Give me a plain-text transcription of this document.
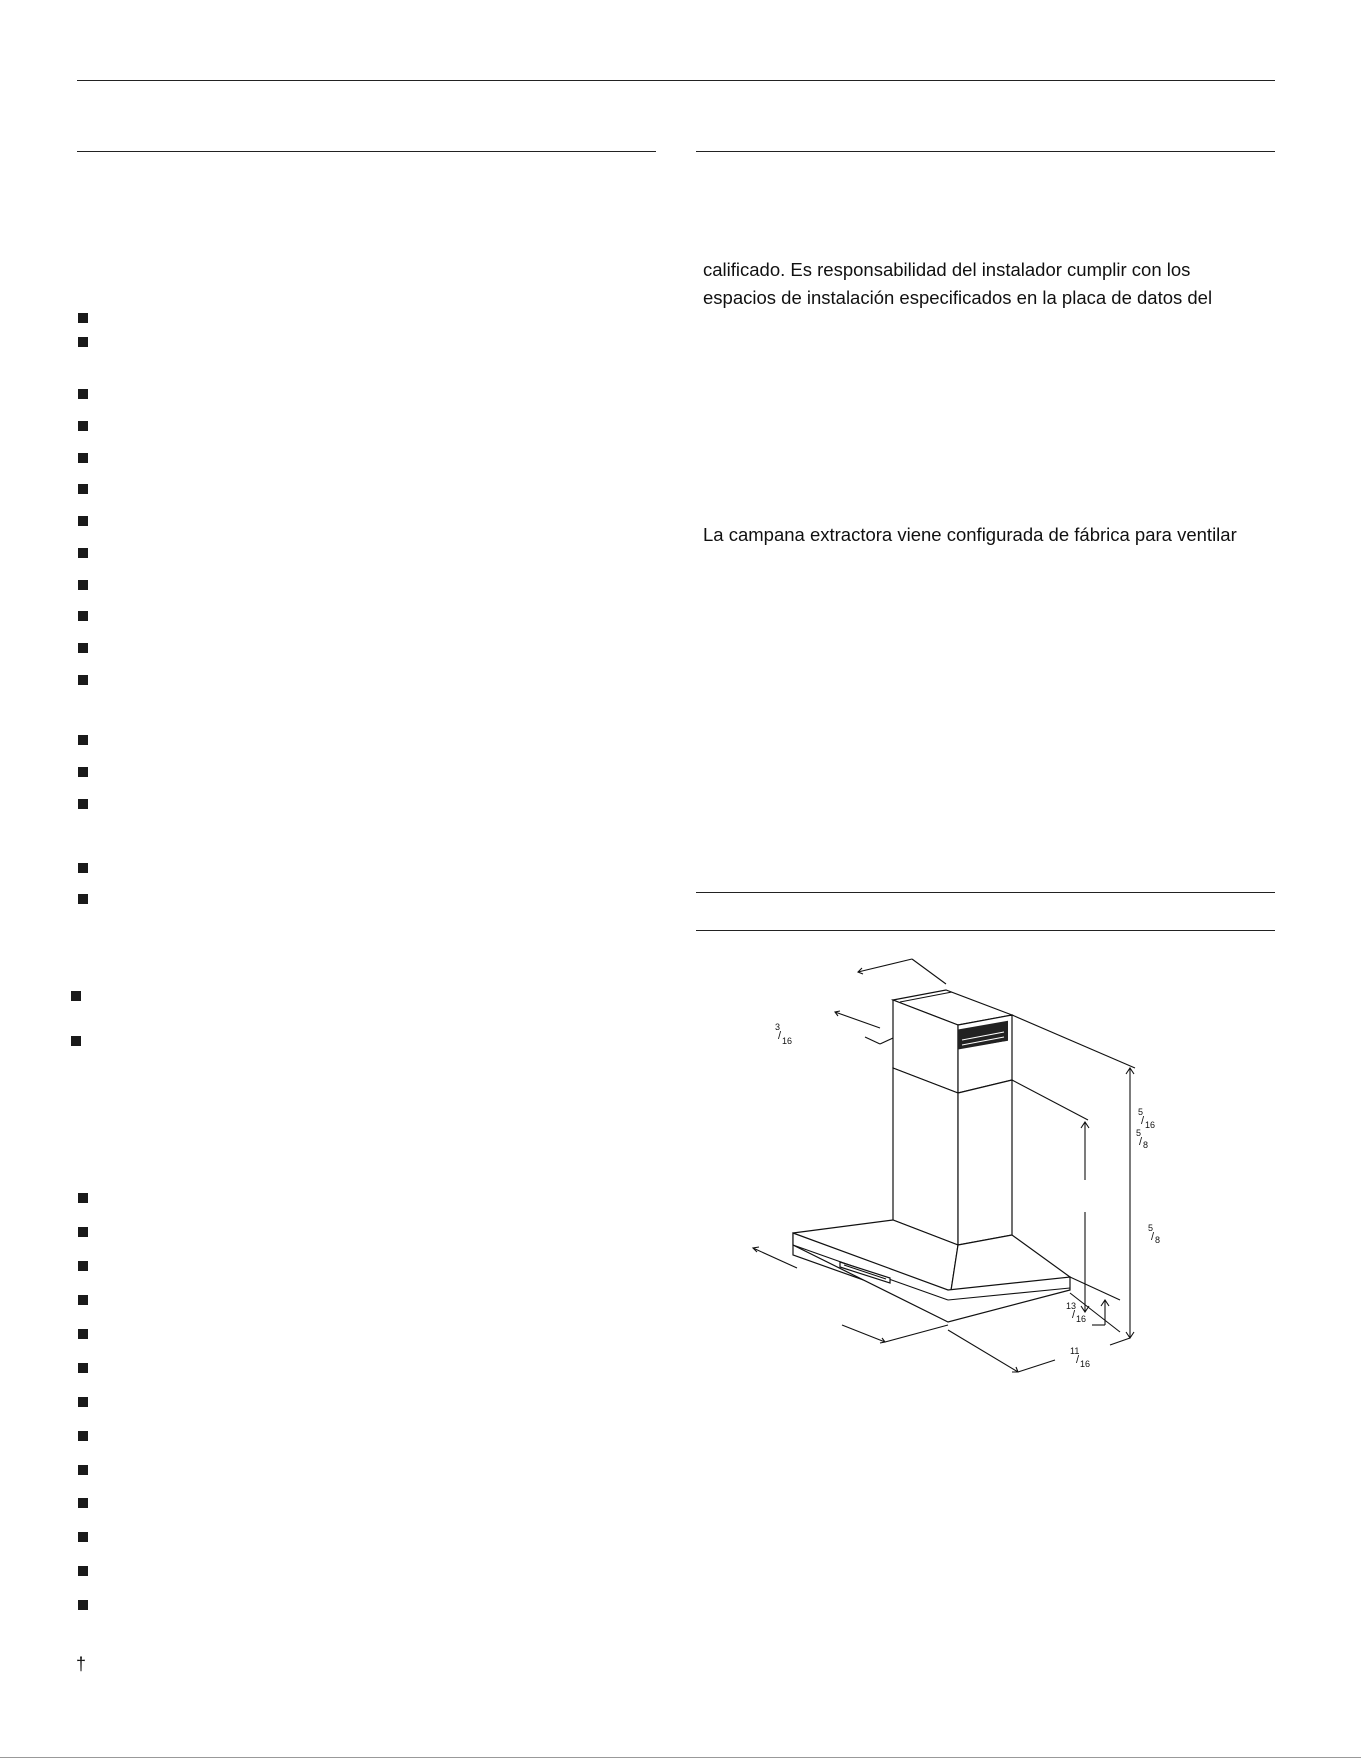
calificado. Es responsabilidad del instalador cumplir con los

espacios de instalación especificados en la placa de datos del

La campana extractora viene configurada de fábrica para ventilar

†
3
/ 16
5
/ 16
5
/ 8
5
/ 8
13
/ 16
11
/ 16
